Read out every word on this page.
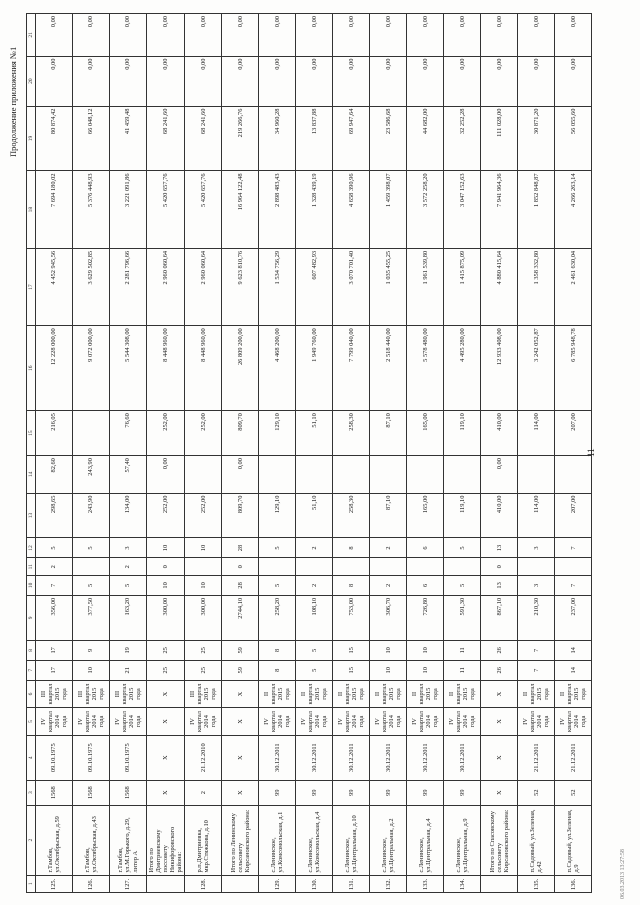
Продолжение приложения №1
1	2	3	4	5	6	7	8	9	10	11	12	13	14	15	16	17	18	19	20	21
125.	г.Тамбов, ул.Октябрьская, д.59	1568	09.10.1975	IV квартал 2014 года	III квартал 2015 года	17	17	356,00	7	2	5	298,65	82,60	216,05	12 228 000,00	4 452 945,56	7 694 180,02	80 874,42	0,00	0,00
126.	г.Тамбов, ул.Октябрьская, д.43	1568	09.10.1975	IV квартал 2014 года	III квартал 2015 года	10	9	377,50	5		5	243,90	243,90		9 072 000,00	3 629 502,85	5 376 448,93	66 048,12	0,00	0,00
127.	г.Тамбов, ул.М.Горького, д.29, литер А	1568	09.10.1975	IV квартал 2014 года	III квартал 2015 года	21	19	163,20	5	2	3	134,00	57,40	76,60	5 544 308,00	2 281 796,66	3 221 091,86	41 459,48	0,00	0,00
	Итого по Дмитриевскому поссовету Никифоровского района:	X	X	X	X	25	25	300,00	10	0	10	252,00	0,00	252,00	8 448 960,00	2 960 060,64	5 420 657,76	68 241,60	0,00	0,00
128.	р.п.Дмитриевка, мкр.Стяжкова, д.10	2	21.12.2010	IV квартал 2014 года	III квартал 2015 года	25	25	300,00	10		10	252,00		252,00	8 448 960,00	2 960 060,64	5 420 657,76	68 241,60	0,00	0,00
	Итого по Ленинскому сельсовету Кирсановского района:	X	X	X	X	59	59	2744,10	28	0	28	809,70	0,00	809,70	26 809 200,00	9 623 810,76	16 964 122,48	219 266,76	0,00	0,00
129.	с.Ленинское, ул.Комсомольская, д.1	99	30.12.2011	IV квартал 2014 года	II квартал 2015 года	8	8	258,20	5		5	129,10		129,10	4 468 200,00	1 534 756,29	2 898 483,43	34 960,28	0,00	0,00
130.	с.Ленинское, ул.Комсомольская, д.4	99	30.12.2011	IV квартал 2014 года	II квартал 2015 года	5	5	108,10	2		2	51,10		51,10	1 949 760,00	607 482,93	1 328 439,19	13 837,88	0,00	0,00
131.	с.Ленинское, ул.Центральная, д.10	99	30.12.2011	IV квартал 2014 года	II квартал 2015 года	15	15	753,00	8		8	258,30		258,30	7 799 040,00	3 070 701,40	4 658 390,96	69 947,64	0,00	0,00
132.	с.Ленинское, ул.Центральная, д.2	99	30.12.2011	IV квартал 2014 года	II квартал 2015 года	10	10	306,70	2		2	87,10		87,10	2 518 440,00	1 035 455,25	1 459 398,07	23 586,68	0,00	0,00
133.	с.Ленинское, ул.Центральная, д.4	99	30.12.2011	IV квартал 2014 года	II квартал 2015 года	10	10	726,80	6		6	165,00		165,00	5 578 480,00	1 961 539,80	3 572 258,20	44 682,00	0,00	0,00
134.	с.Ленинское, ул.Центральная, д.9	99	30.12.2011	IV квартал 2014 года	II квартал 2015 года	11	11	591,30	5		5	119,10		119,10	4 495 280,00	1 415 875,09	3 047 152,63	32 252,28	0,00	0,00
	Итого по Спасовскому сельсовету Кирсановского района:	X	X	X	X	26	26	867,10	13	0	13	410,00	0,00	410,00	12 933 408,00	4 880 415,64	7 941 964,36	111 028,00	0,00	0,00
135.	п.Садовый, ул.Зеленая, д.42	52	21.12.2011	IV квартал 2014 года	II квартал 2015 года	7	7	210,30	3		3	114,00		114,00	3 242 052,87	1 358 332,80	1 852 848,87	30 871,20	0,00	0,00
136.	п.Садовый, ул.Зеленая, д.9	52	21.12.2011	IV квартал 2014 года	II квартал 2015 года	14	14	237,00	7		7	207,00		207,00	6 785 948,78	2 461 630,04	4 266 263,14	56 055,60	0,00	0,00
11
06.03.2013 13:27:58
